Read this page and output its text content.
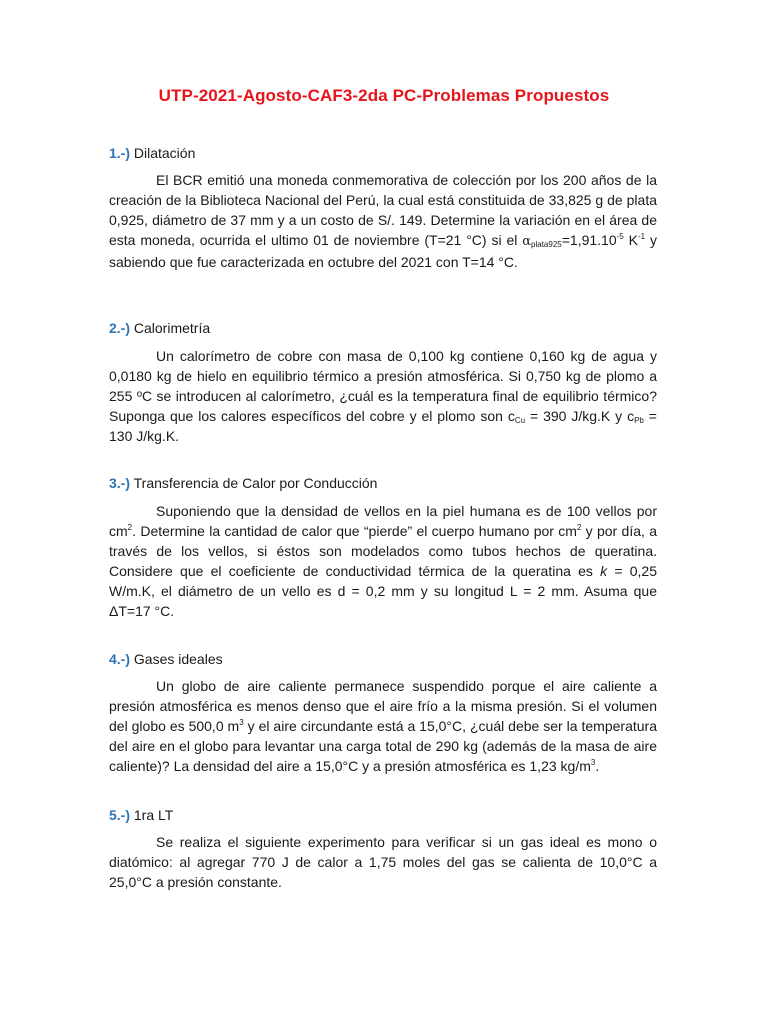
UTP-2021-Agosto-CAF3-2da PC-Problemas Propuestos
1.-) Dilatación
El BCR emitió una moneda conmemorativa de colección por los 200 años de la creación de la Biblioteca Nacional del Perú, la cual está constituida de 33,825 g de plata 0,925, diámetro de 37 mm y a un costo de S/. 149. Determine la variación en el área de esta moneda, ocurrida el ultimo 01 de noviembre (T=21 °C) si el $\alpha_{plata925}=1,91.10^{-5}$ $K^{-1}$ y sabiendo que fue caracterizada en octubre del 2021 con T=14 °C.
2.-) Calorimetría
Un calorímetro de cobre con masa de 0,100 kg contiene 0,160 kg de agua y 0,0180 kg de hielo en equilibrio térmico a presión atmosférica. Si 0,750 kg de plomo a 255 ºC se introducen al calorímetro, ¿cuál es la temperatura final de equilibrio térmico? Suponga que los calores específicos del cobre y el plomo son $c_{Cu} = 390$ J/kg.K y $c_{Pb} = 130$ J/kg.K.
3.-) Transferencia de Calor por Conducción
Suponiendo que la densidad de vellos en la piel humana es de 100 vellos por $cm^2$. Determine la cantidad de calor que “pierde” el cuerpo humano por $cm^2$ y por día, a través de los vellos, si éstos son modelados como tubos hechos de queratina. Considere que el coeficiente de conductividad térmica de la queratina es k = 0,25 W/m.K, el diámetro de un vello es d = 0,2 mm y su longitud L = 2 mm. Asuma que ΔT=17 °C.
4.-) Gases ideales
Un globo de aire caliente permanece suspendido porque el aire caliente a presión atmosférica es menos denso que el aire frío a la misma presión. Si el volumen del globo es 500,0 $m^3$ y el aire circundante está a 15,0°C, ¿cuál debe ser la temperatura del aire en el globo para levantar una carga total de 290 kg (además de la masa de aire caliente)? La densidad del aire a 15,0°C y a presión atmosférica es 1,23 $kg/m^3$.
5.-) 1ra LT
Se realiza el siguiente experimento para verificar si un gas ideal es mono o diatómico: al agregar 770 J de calor a 1,75 moles del gas se calienta de 10,0°C a 25,0°C a presión constante.
